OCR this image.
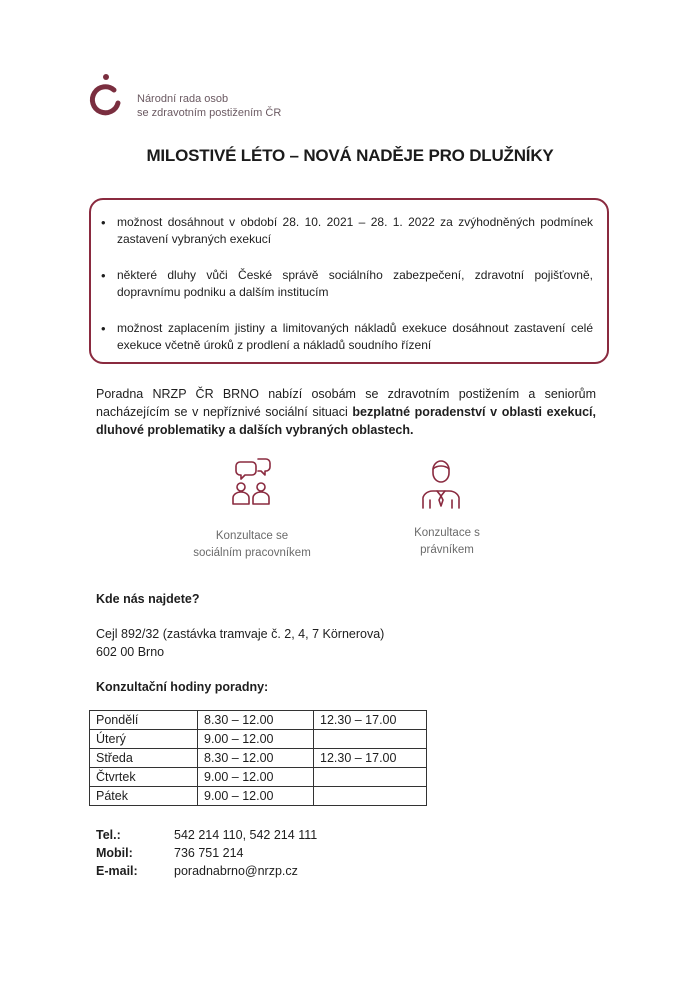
Národní rada osob
se zdravotním postižením ČR
MILOSTIVÉ LÉTO – NOVÁ NADĚJE PRO DLUŽNÍKY
• možnost dosáhnout v období 28. 10. 2021 – 28. 1. 2022 za zvýhodněných podmínek zastavení vybraných exekucí
• některé dluhy vůči České správě sociálního zabezpečení, zdravotní pojišťovně, dopravnímu podniku a dalším institucím
• možnost zaplacením jistiny a limitovaných nákladů exekuce dosáhnout zastavení celé exekuce včetně úroků z prodlení a nákladů soudního řízení
Poradna NRZP ČR BRNO nabízí osobám se zdravotním postižením a seniorům nacházejícím se v nepříznivé sociální situaci bezplatné poradenství v oblasti exekucí, dluhové problematiky a dalších vybraných oblastech.
Konzultace se
sociálním pracovníkem
Konzultace s
právníkem
Kde nás najdete?
Cejl 892/32 (zastávka tramvaje č. 2, 4, 7 Körnerova)
602 00 Brno
Konzultační hodiny poradny:
Pondělí	8.30 – 12.00	12.30 – 17.00
Úterý	9.00 – 12.00	
Středa	8.30 – 12.00	12.30 – 17.00
Čtvrtek	9.00 – 12.00	
Pátek	9.00 – 12.00	
Tel.:	542 214 110, 542 214 111
Mobil:	736 751 214
E-mail:	poradnabrno@nrzp.cz
